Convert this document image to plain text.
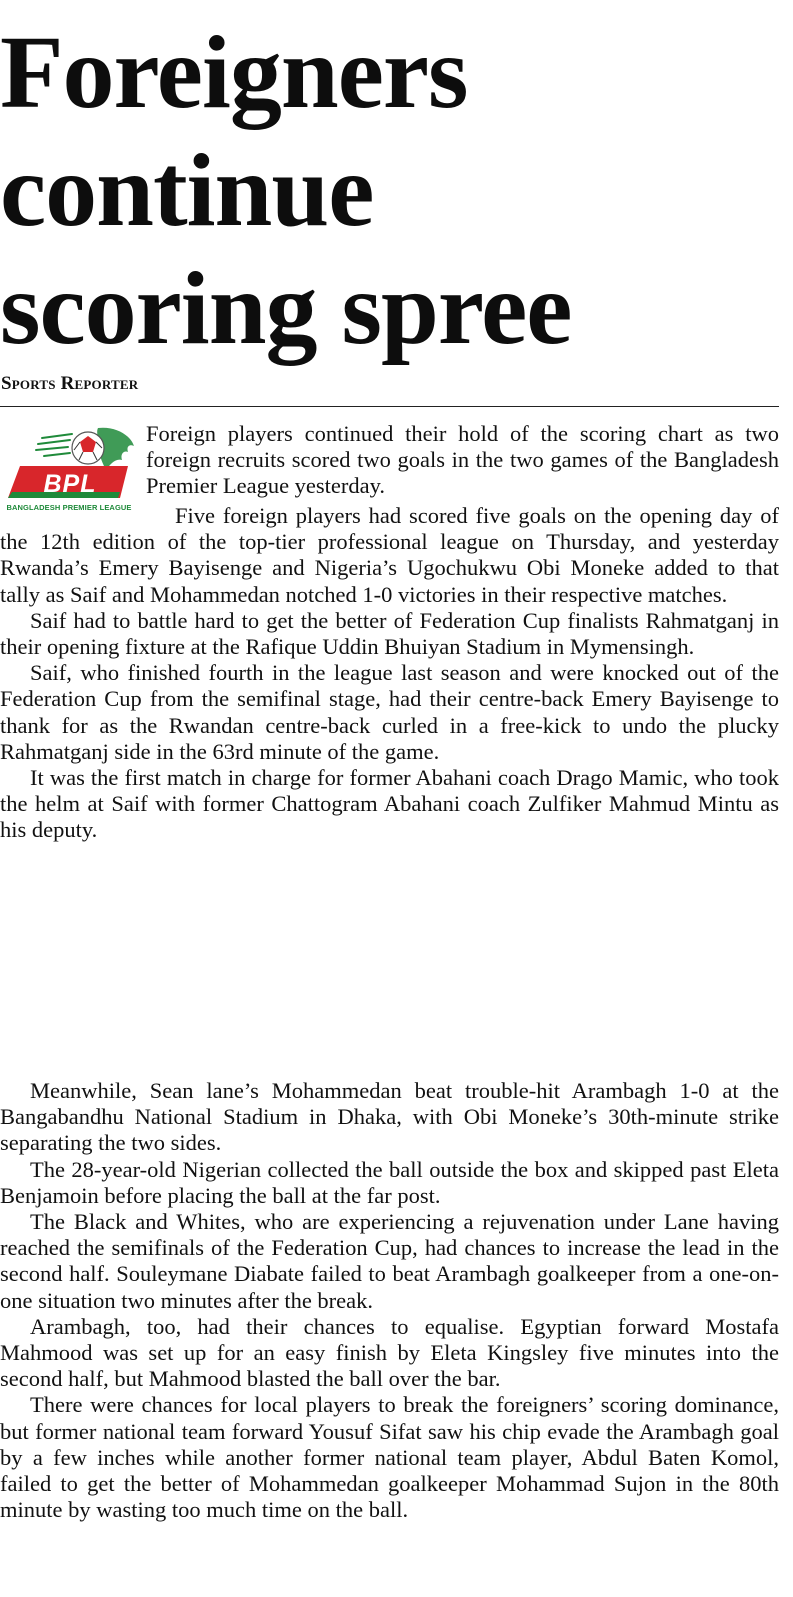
Foreigners
continue
scoring spree
Sports Reporter
BPL
BANGLADESH PREMIER LEAGUE

Foreign players continued their hold of the scoring chart as two foreign recruits scored two goals in the two games of the Bangladesh Premier League yesterday.

Five foreign players had scored five goals on the opening day of the 12th edition of the top-tier professional league on Thursday, and yesterday Rwanda’s Emery Bayisenge and Nigeria’s Ugochukwu Obi Moneke added to that tally as Saif and Mohammedan notched 1-0 victories in their respective matches.

Saif had to battle hard to get the better of Federation Cup finalists Rahmatganj in their opening fixture at the Rafique Uddin Bhuiyan Stadium in Mymensingh.

Saif, who finished fourth in the league last season and were knocked out of the Federation Cup from the semifinal stage, had their centre-back Emery Bayisenge to thank for as the Rwandan centre-back curled in a free-kick to undo the plucky Rahmatganj side in the 63rd minute of the game.

It was the first match in charge for former Abahani coach Drago Mamic, who took the helm at Saif with former Chattogram Abahani coach Zulfiker Mahmud Mintu as his deputy.

Meanwhile, Sean lane’s Mohammedan beat trouble-hit Arambagh 1-0 at the Bangabandhu National Stadium in Dhaka, with Obi Moneke’s 30th-minute strike separating the two sides.

The 28-year-old Nigerian collected the ball outside the box and skipped past Eleta Benjamoin before placing the ball at the far post.

The Black and Whites, who are experiencing a rejuvenation under Lane having reached the semifinals of the Federation Cup, had chances to increase the lead in the second half. Souleymane Diabate failed to beat Arambagh goalkeeper from a one-on-one situation two minutes after the break.

Arambagh, too, had their chances to equalise. Egyptian forward Mostafa Mahmood was set up for an easy finish by Eleta Kingsley five minutes into the second half, but Mahmood blasted the ball over the bar.

There were chances for local players to break the foreigners’ scoring dominance, but former national team forward Yousuf Sifat saw his chip evade the Arambagh goal by a few inches while another former national team player, Abdul Baten Komol, failed to get the better of Mohammedan goalkeeper Mohammad Sujon in the 80th minute by wasting too much time on the ball.
